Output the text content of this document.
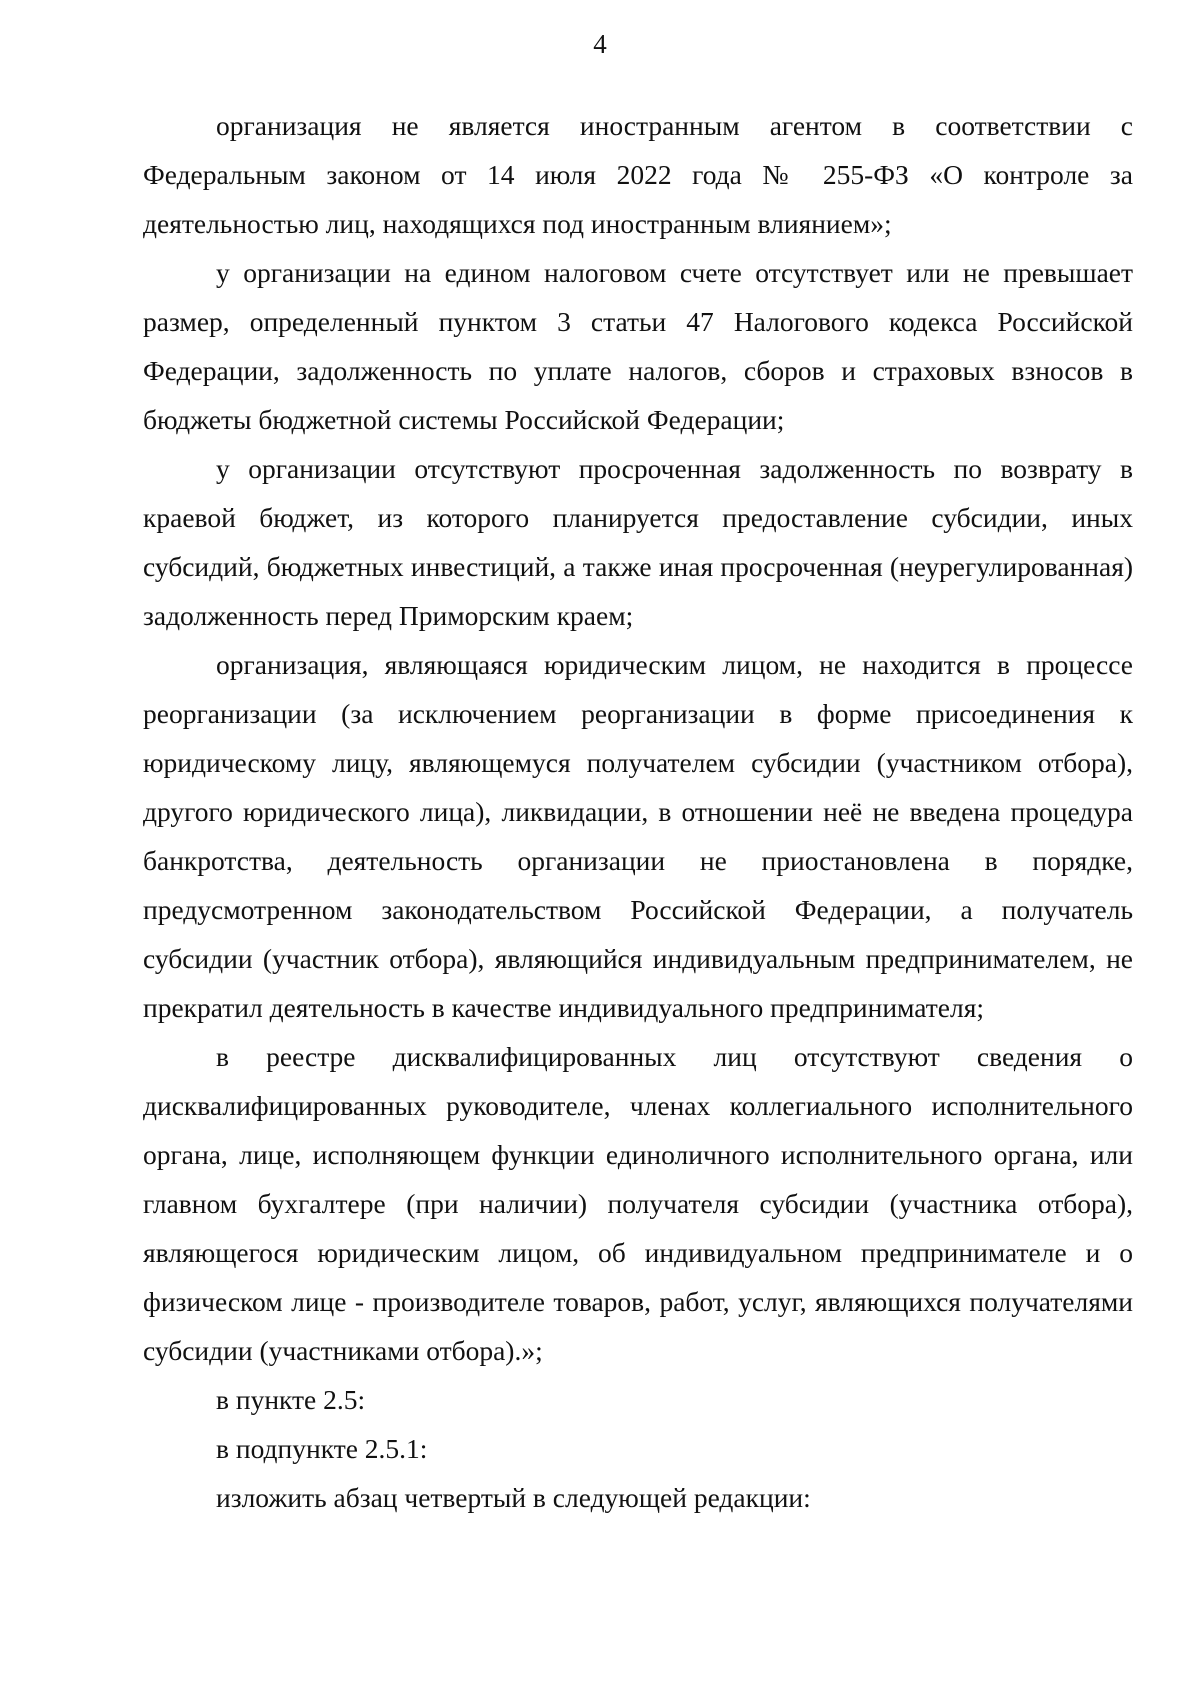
4

организация не является иностранным агентом в соответствии с Федеральным законом от 14 июля 2022 года № 255-ФЗ «О контроле за деятельностью лиц, находящихся под иностранным влиянием»;

у организации на едином налоговом счете отсутствует или не превышает размер, определенный пунктом 3 статьи 47 Налогового кодекса Российской Федерации, задолженность по уплате налогов, сборов и страховых взносов в бюджеты бюджетной системы Российской Федерации;

у организации отсутствуют просроченная задолженность по возврату в краевой бюджет, из которого планируется предоставление субсидии, иных субсидий, бюджетных инвестиций, а также иная просроченная (неурегулированная) задолженность перед Приморским краем;

организация, являющаяся юридическим лицом, не находится в процессе реорганизации (за исключением реорганизации в форме присоединения к юридическому лицу, являющемуся получателем субсидии (участником отбора), другого юридического лица), ликвидации, в отношении неё не введена процедура банкротства, деятельность организации не приостановлена в порядке, предусмотренном законодательством Российской Федерации, а получатель субсидии (участник отбора), являющийся индивидуальным предпринимателем, не прекратил деятельность в качестве индивидуального предпринимателя;

в реестре дисквалифицированных лиц отсутствуют сведения о дисквалифицированных руководителе, членах коллегиального исполнительного органа, лице, исполняющем функции единоличного исполнительного органа, или главном бухгалтере (при наличии) получателя субсидии (участника отбора), являющегося юридическим лицом, об индивидуальном предпринимателе и о физическом лице - производителе товаров, работ, услуг, являющихся получателями субсидии (участниками отбора).»;

в пункте 2.5:

в подпункте 2.5.1:

изложить абзац четвертый в следующей редакции:
